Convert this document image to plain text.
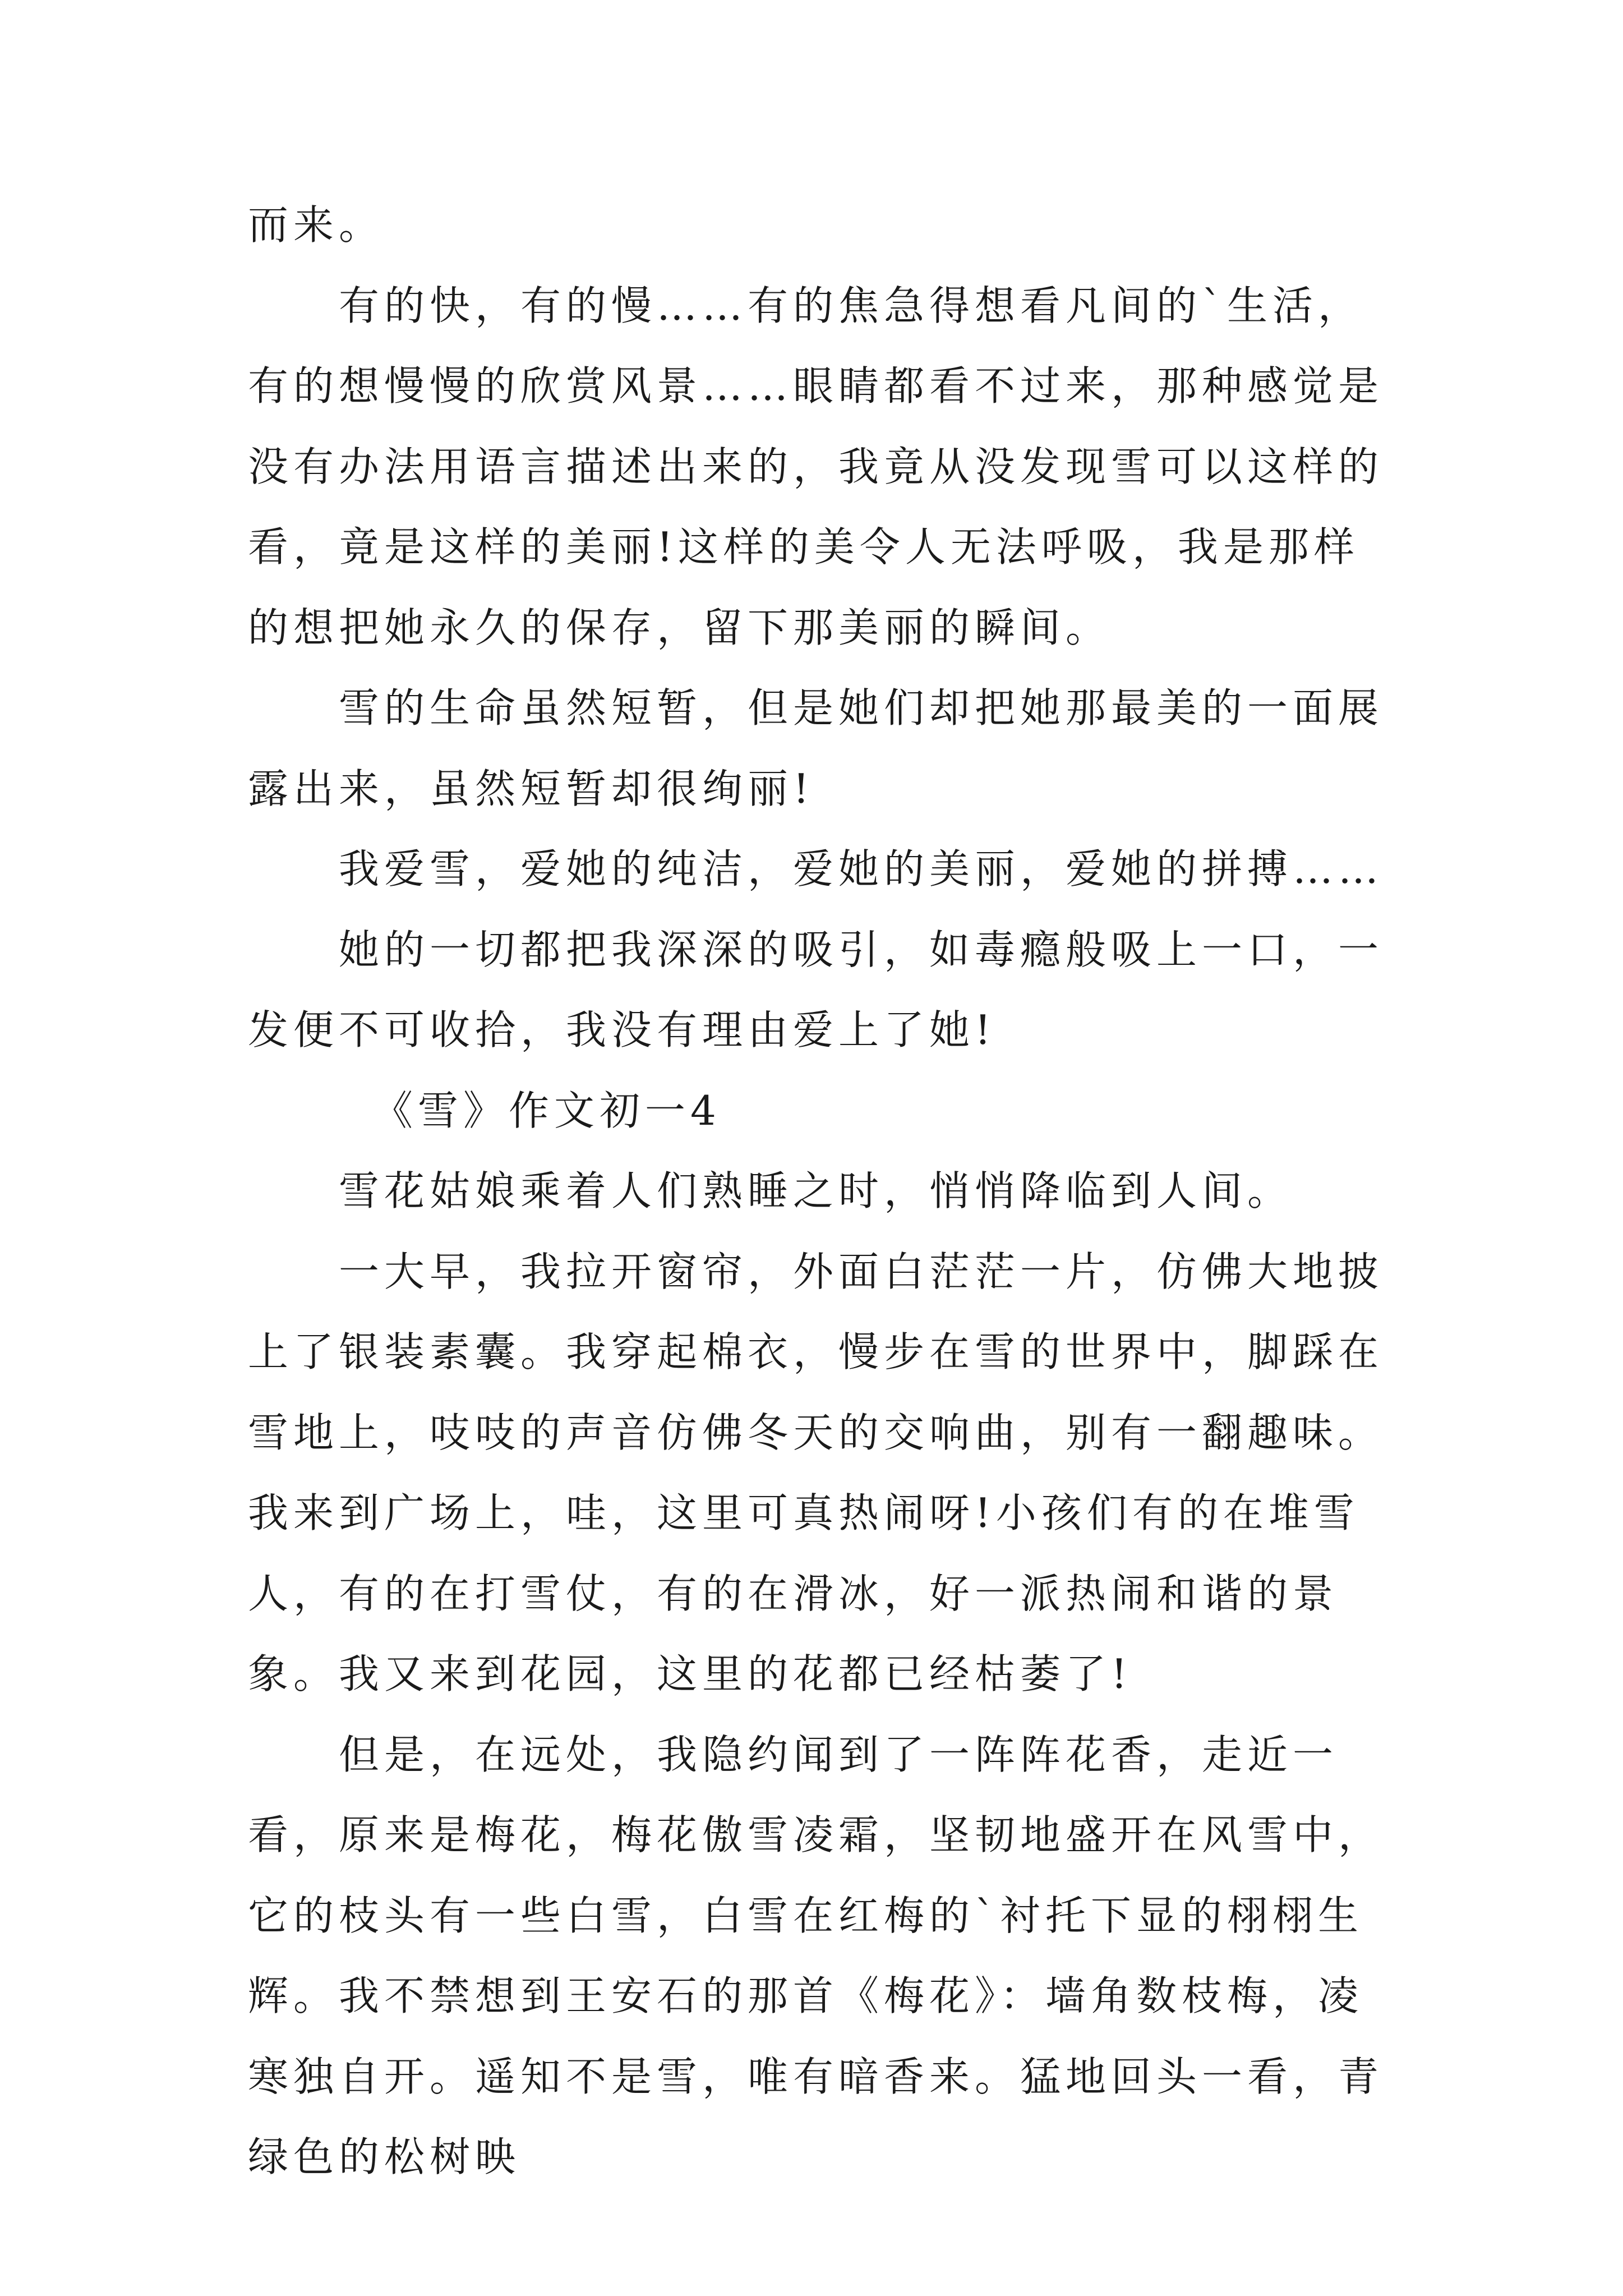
而来。

有的快，有的慢……有的焦急得想看凡间的`生活，有的想慢慢的欣赏风景……眼睛都看不过来，那种感觉是没有办法用语言描述出来的，我竟从没发现雪可以这样的看，竟是这样的美丽!这样的美令人无法呼吸，我是那样的想把她永久的保存，留下那美丽的瞬间。

雪的生命虽然短暂，但是她们却把她那最美的一面展露出来，虽然短暂却很绚丽!

我爱雪，爱她的纯洁，爱她的美丽，爱她的拼搏……

她的一切都把我深深的吸引，如毒瘾般吸上一口，一发便不可收拾，我没有理由爱上了她!

《雪》作文初一4

雪花姑娘乘着人们熟睡之时，悄悄降临到人间。

一大早，我拉开窗帘，外面白茫茫一片，仿佛大地披上了银装素囊。我穿起棉衣，慢步在雪的世界中，脚踩在雪地上，吱吱的声音仿佛冬天的交响曲，别有一翻趣味。我来到广场上，哇，这里可真热闹呀!小孩们有的在堆雪人，有的在打雪仗，有的在滑冰，好一派热闹和谐的景象。我又来到花园，这里的花都已经枯萎了!

但是，在远处，我隐约闻到了一阵阵花香，走近一看，原来是梅花，梅花傲雪凌霜，坚韧地盛开在风雪中，它的枝头有一些白雪，白雪在红梅的`衬托下显的栩栩生辉。我不禁想到王安石的那首《梅花》：墙角数枝梅，凌寒独自开。遥知不是雪，唯有暗香来。猛地回头一看，青绿色的松树映
